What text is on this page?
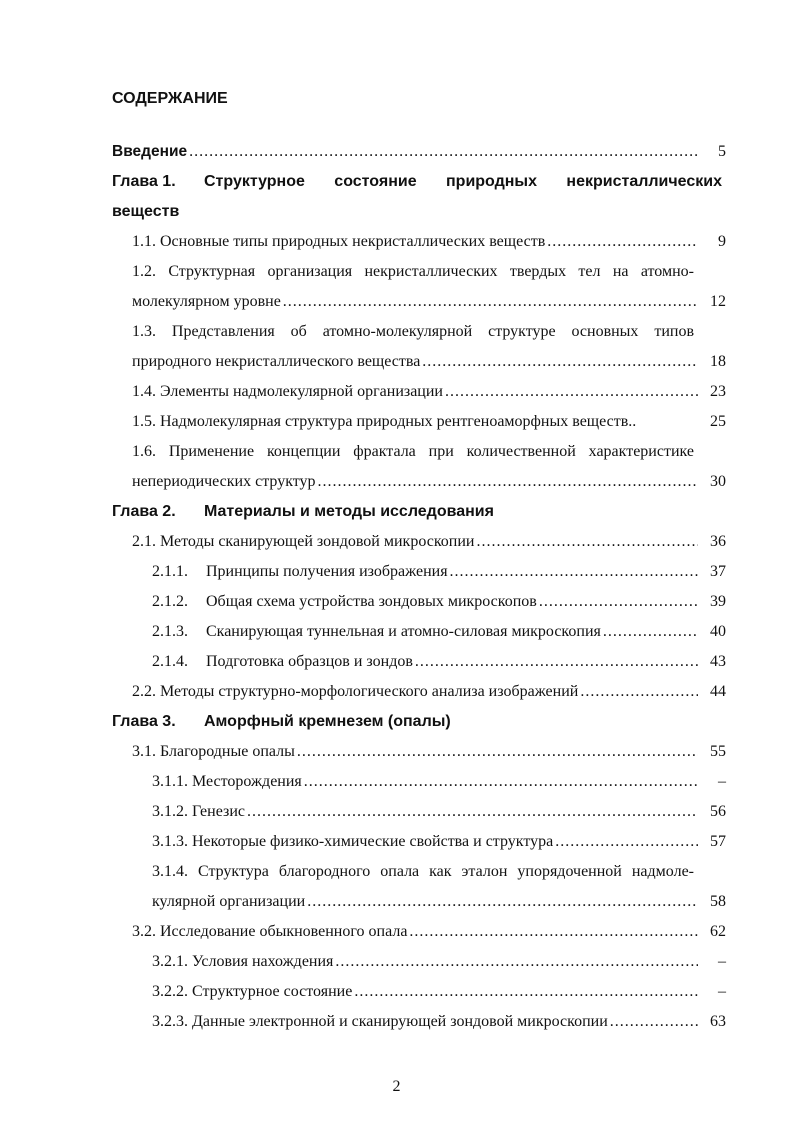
СОДЕРЖАНИЕ
Введение .....	5
Глава 1. Структурное состояние природных некристаллических
веществ
1.1. Основные типы природных некристаллических веществ .....	9
1.2. Структурная организация некристаллических твердых тел на атомно-
молекулярном уровне .....	12
1.3. Представления об атомно-молекулярной структуре основных типов
природного некристаллического вещества .....	18
1.4. Элементы надмолекулярной организации .....	23
1.5. Надмолекулярная структура природных рентгеноаморфных веществ..	25
1.6. Применение концепции фрактала при количественной характеристике
непериодических структур .....	30
Глава 2. Материалы и методы исследования
2.1. Методы сканирующей зондовой микроскопии .....	36
2.1.1. Принципы получения изображения .....	37
2.1.2. Общая схема устройства зондовых микроскопов .....	39
2.1.3. Сканирующая туннельная и атомно-силовая микроскопия .....	40
2.1.4. Подготовка образцов и зондов .....	43
2.2. Методы структурно-морфологического анализа изображений .....	44
Глава 3. Аморфный кремнезем (опалы)
3.1. Благородные опалы .....	55
3.1.1. Месторождения .....	–
3.1.2. Генезис .....	56
3.1.3. Некоторые физико-химические свойства и структура .....	57
3.1.4. Структура благородного опала как эталон упорядоченной надмоле-
кулярной организации .....	58
3.2. Исследование обыкновенного опала .....	62
3.2.1. Условия нахождения .....	–
3.2.2. Структурное состояние .....	–
3.2.3. Данные электронной и сканирующей зондовой микроскопии .....	63
2
